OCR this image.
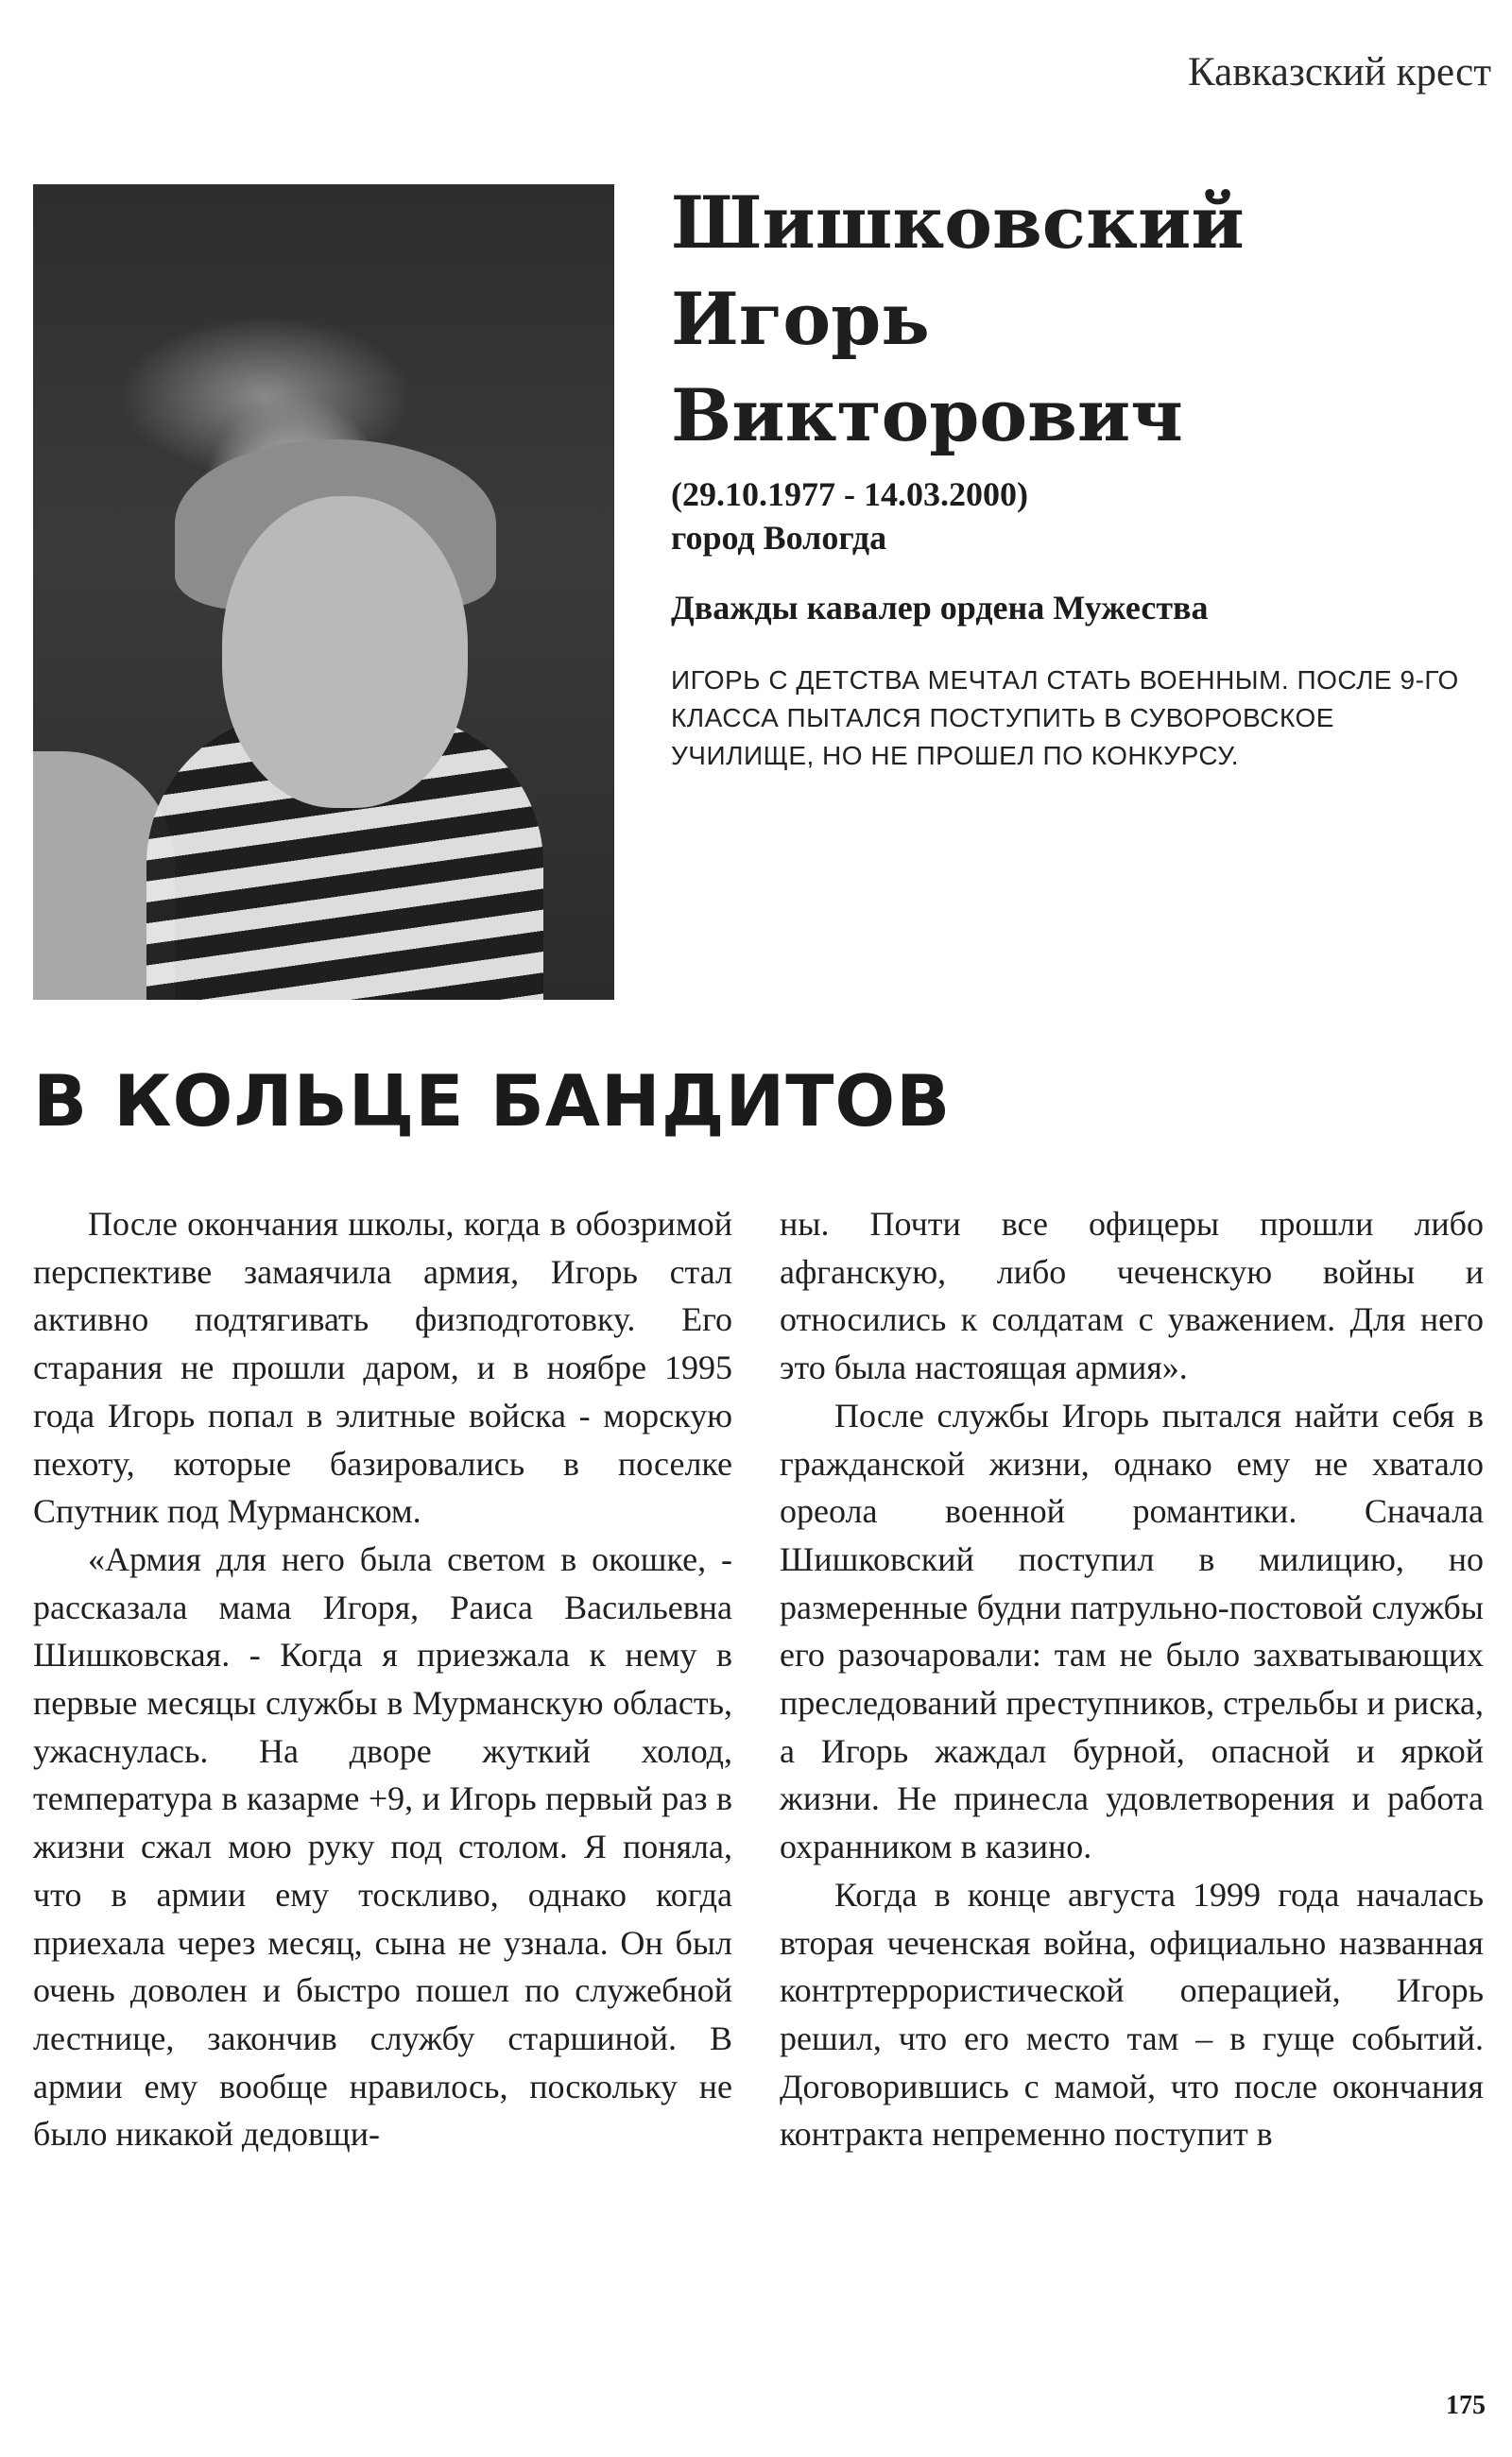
Кавказский крест
Шишковский
Игорь
Викторович
(29.10.1977 - 14.03.2000)
город Вологда
Дважды кавалер ордена Мужества
ИГОРЬ С ДЕТСТВА МЕЧТАЛ СТАТЬ ВОЕННЫМ. ПОСЛЕ 9-ГО КЛАССА ПЫТАЛСЯ ПОСТУПИТЬ В СУВОРОВСКОЕ УЧИЛИЩЕ, НО НЕ ПРОШЕЛ ПО КОНКУРСУ.
В КОЛЬЦЕ БАНДИТОВ

После окончания школы, когда в обозримой перспективе замаячила армия, Игорь стал активно подтягивать физподготовку. Его старания не прошли даром, и в ноябре 1995 года Игорь попал в элитные войска - морскую пехоту, которые базировались в поселке Спутник под Мурманском.

«Армия для него была светом в окошке, - рассказала мама Игоря, Раиса Васильевна Шишковская. - Когда я приезжала к нему в первые месяцы службы в Мурманскую область, ужаснулась. На дворе жуткий холод, температура в казарме +9, и Игорь первый раз в жизни сжал мою руку под столом. Я поняла, что в армии ему тоскливо, однако когда приехала через месяц, сына не узнала. Он был очень доволен и быстро пошел по служебной лестнице, закончив службу старшиной. В армии ему вообще нравилось, поскольку не было никакой дедовщи-

ны. Почти все офицеры прошли либо афганскую, либо чеченскую войны и относились к солдатам с уважением. Для него это была настоящая армия».

После службы Игорь пытался найти себя в гражданской жизни, однако ему не хватало ореола военной романтики. Сначала Шишковский поступил в милицию, но размеренные будни патрульно-постовой службы его разочаровали: там не было захватывающих преследований преступников, стрельбы и риска, а Игорь жаждал бурной, опасной и яркой жизни. Не принесла удовлетворения и работа охранником в казино.

Когда в конце августа 1999 года началась вторая чеченская война, официально названная контртеррористической операцией, Игорь решил, что его место там – в гуще событий. Договорившись с мамой, что после окончания контракта непременно поступит в

175
